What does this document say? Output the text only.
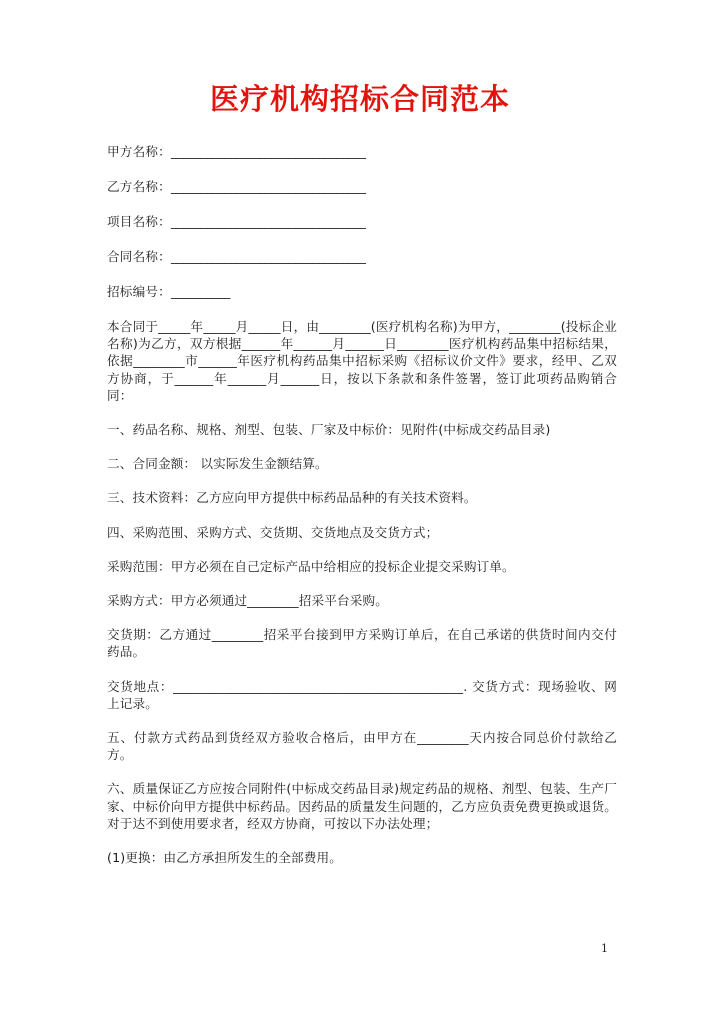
医疗机构招标合同范本
甲方名称：_________________________________
乙方名称：_________________________________
项目名称：_________________________________
合同名称：_________________________________
招标编号：__________
本合同于_____年_____月_____日，由________(医疗机构名称)为甲方，________(投标企业名称)为乙方，双方根据______年______月______日________医疗机构药品集中招标结果，依据________市______年医疗机构药品集中招标采购《招标议价文件》要求，经甲、乙双方协商，于______年______月______日，按以下条款和条件签署，签订此项药品购销合同：
一、药品名称、规格、剂型、包装、厂家及中标价：见附件(中标成交药品目录)
二、合同金额： 以实际发生金额结算。
三、技术资料：乙方应向甲方提供中标药品品种的有关技术资料。
四、采购范围、采购方式、交货期、交货地点及交货方式；
采购范围：甲方必须在自己定标产品中给相应的投标企业提交采购订单。
采购方式：甲方必须通过________招采平台采购。
交货期：乙方通过________招采平台接到甲方采购订单后，在自己承诺的供货时间内交付药品。
交货地点：_____________________________________________. 交货方式：现场验收、网上记录。
五、付款方式药品到货经双方验收合格后，由甲方在________天内按合同总价付款给乙方。
六、质量保证乙方应按合同附件(中标成交药品目录)规定药品的规格、剂型、包装、生产厂家、中标价向甲方提供中标药品。因药品的质量发生问题的，乙方应负责免费更换或退货。对于达不到使用要求者，经双方协商，可按以下办法处理；
(1)更换：由乙方承担所发生的全部费用。
1
